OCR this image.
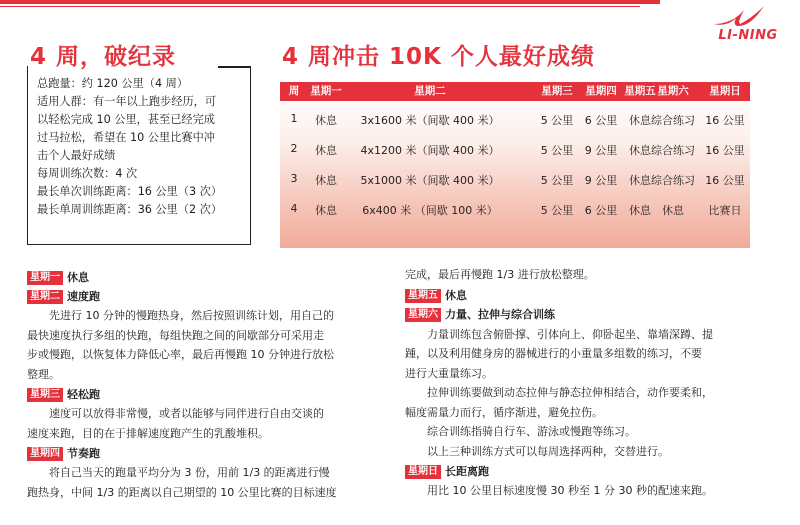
LI-NING
4 周，破纪录	4 周冲击 10K 个人最好成绩

总跑量：约 120 公里（4 周）

适用人群：有一年以上跑步经历，可

以轻松完成 10 公里，甚至已经完成

过马拉松，希望在 10 公里比赛中冲

击个人最好成绩

每周训练次数：4 次

最长单次训练距离：16 公里（3 次）

最长单周训练距离：36 公里（2 次）

周	星期一	星期二	星期三	星期四 星期五 星期六	星期日
1	休息	3x1600 米（间歇 400 米）	5 公里	6 公里	休息 综合练习 16 公里
2	休息	4x1200 米（间歇 400 米）	5 公里	9 公里	休息 综合练习 16 公里
3	休息	5x1000 米（间歇 400 米）	5 公里	9 公里	休息 综合练习 16 公里
4	休息	6x400 米 （间歇 100 米）	5 公里	6 公里	休息	休息	比赛日
星期一 休息
星期二 速度跑

先进行 10 分钟的慢跑热身，然后按照训练计划，用自己的

最快速度执行多组的快跑，每组快跑之间的间歇部分可采用走

步或慢跑，以恢复体力降低心率，最后再慢跑 10 分钟进行放松

整理。

星期三 轻松跑

速度可以放得非常慢，或者以能够与同伴进行自由交谈的

速度来跑，目的在于排解速度跑产生的乳酸堆积。

星期四 节奏跑

将自己当天的跑量平均分为 3 份，用前 1/3 的距离进行慢

跑热身，中间 1/3 的距离以自己期望的 10 公里比赛的目标速度

完成，最后再慢跑 1/3 进行放松整理。

星期五 休息
星期六 力量、拉伸与综合训练

力量训练包含俯卧撑、引体向上、仰卧起坐、靠墙深蹲、提

踵，以及利用健身房的器械进行的小重量多组数的练习，不要

进行大重量练习。

拉伸训练要做到动态拉伸与静态拉伸相结合，动作要柔和，

幅度需量力而行，循序渐进，避免拉伤。

综合训练指骑自行车、游泳或慢跑等练习。

以上三种训练方式可以每周选择两种，交替进行。

星期日 长距离跑

用比 10 公里目标速度慢 30 秒至 1 分 30 秒的配速来跑。
